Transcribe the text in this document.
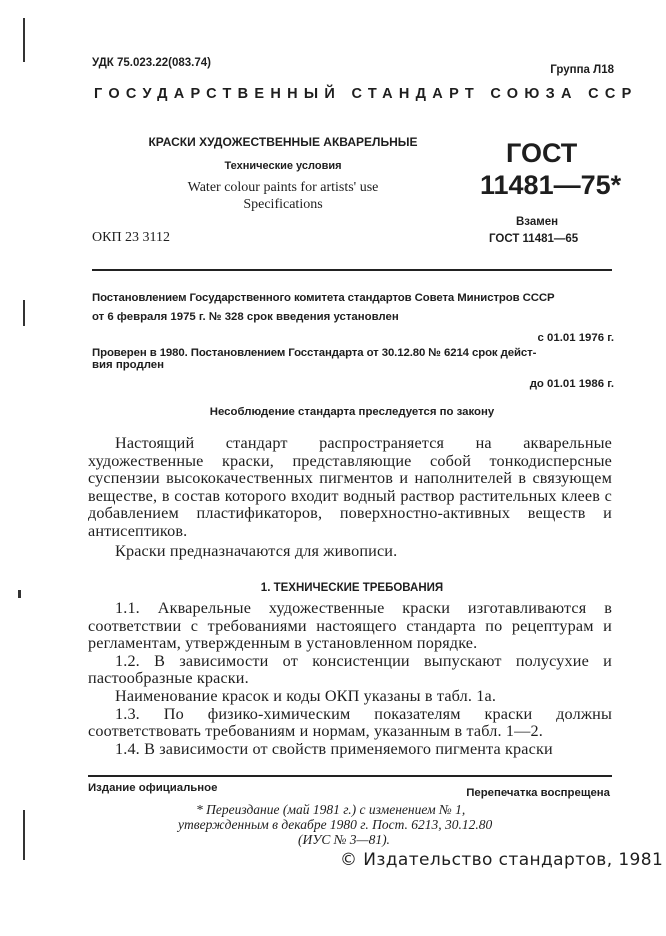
УДК 75.023.22(083.74)
Группа Л18
ГОСУДАРСТВЕННЫЙ СТАНДАРТ СОЮЗА ССР
КРАСКИ ХУДОЖЕСТВЕННЫЕ АКВАРЕЛЬНЫЕ
Технические условия
Water colour paints for artists' use
Specifications
ОКП 23 3112
ГОСТ
11481—75*
Взамен
ГОСТ 11481—65
Постановлением Государственного комитета стандартов Совета Министров СССР
от 6 февраля 1975 г. № 328 срок введения установлен
с 01.01 1976 г.
Проверен в 1980. Постановлением Госстандарта от 30.12.80 № 6214 срок дейст-
вия продлен
до 01.01 1986 г.
Несоблюдение стандарта преследуется по закону

Настоящий стандарт распространяется на акварельные художественные краски, представляющие собой тонкодисперсные суспензии высококачественных пигментов и наполнителей в связующем веществе, в состав которого входит водный раствор растительных клеев с добавлением пластификаторов, поверхностно-активных веществ и антисептиков.

Краски предназначаются для живописи.

1. ТЕХНИЧЕСКИЕ ТРЕБОВАНИЯ

1.1. Акварельные художественные краски изготавливаются в соответствии с требованиями настоящего стандарта по рецептурам и регламентам, утвержденным в установленном порядке.

1.2. В зависимости от консистенции выпускают полусухие и пастообразные краски.

Наименование красок и коды ОКП указаны в табл. 1а.

1.3. По физико-химическим показателям краски должны соответствовать требованиям и нормам, указанным в табл. 1—2.

1.4. В зависимости от свойств применяемого пигмента краски

Издание официальное	Перепечатка воспрещена
* Переиздание (май 1981 г.) с изменением № 1,
утвержденным в декабре 1980 г. Пост. 6213, 30.12.80
(ИУС № 3—81).
© Издательство стандартов, 1981
